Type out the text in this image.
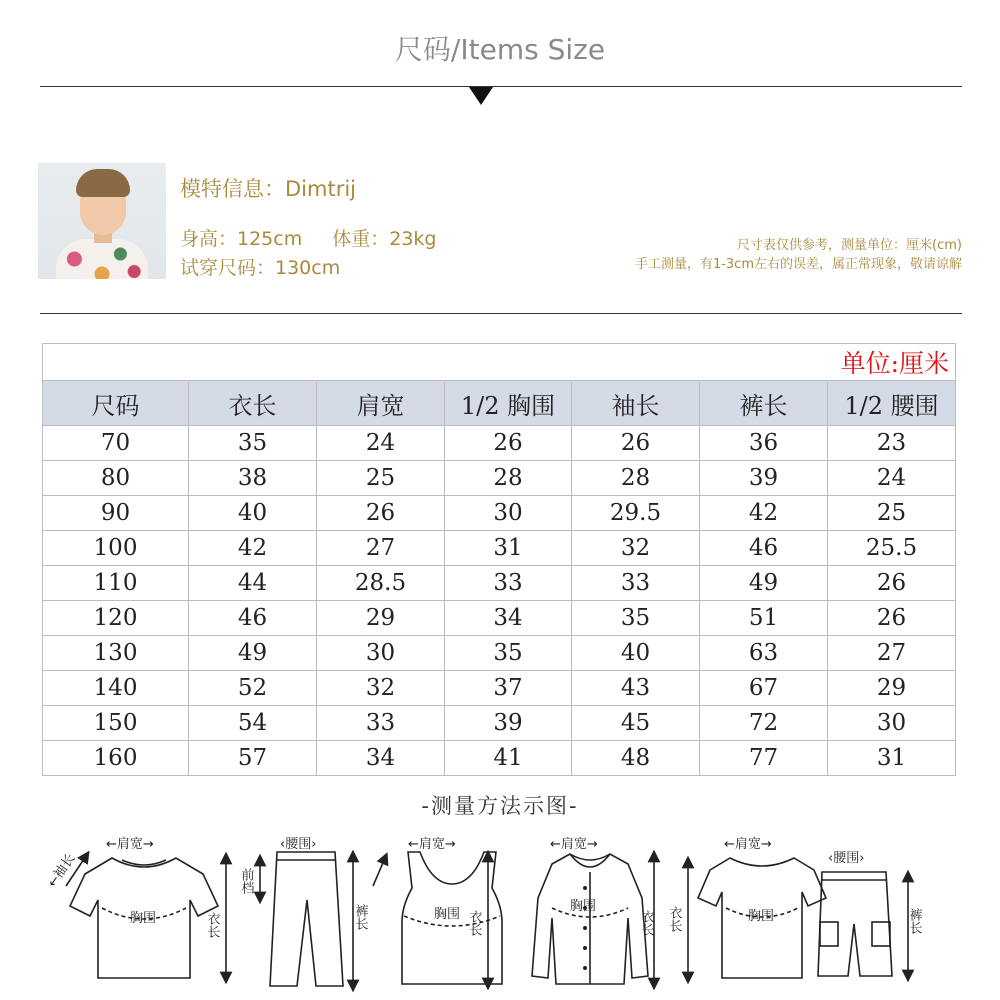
尺码/Items Size
模特信息：Dimtrij
身高：125cm 体重：23kg
试穿尺码：130cm
尺寸表仅供参考，测量单位：厘米(cm)
手工测量，有1-3cm左右的误差，属正常现象，敬请谅解
单位:厘米						
尺码	衣长	肩宽	1/2 胸围	袖长	裤长	1/2 腰围
70	35	24	26	26	36	23
80	38	25	28	28	39	24
90	40	26	30	29.5	42	25
100	42	27	31	32	46	25.5
110	44	28.5	33	33	49	26
120	46	29	34	35	51	26
130	49	30	35	40	63	27
140	52	32	37	43	67	29
150	54	33	39	45	72	30
160	57	34	41	48	77	31
-测量方法示图-
←肩宽→
←袖长
胸围	衣长
‹腰围›
前档
裤长
←肩宽→
胸围 衣长
←肩宽→
胸围
衣长
←肩宽→
胸围
衣长
‹腰围›
裤长
